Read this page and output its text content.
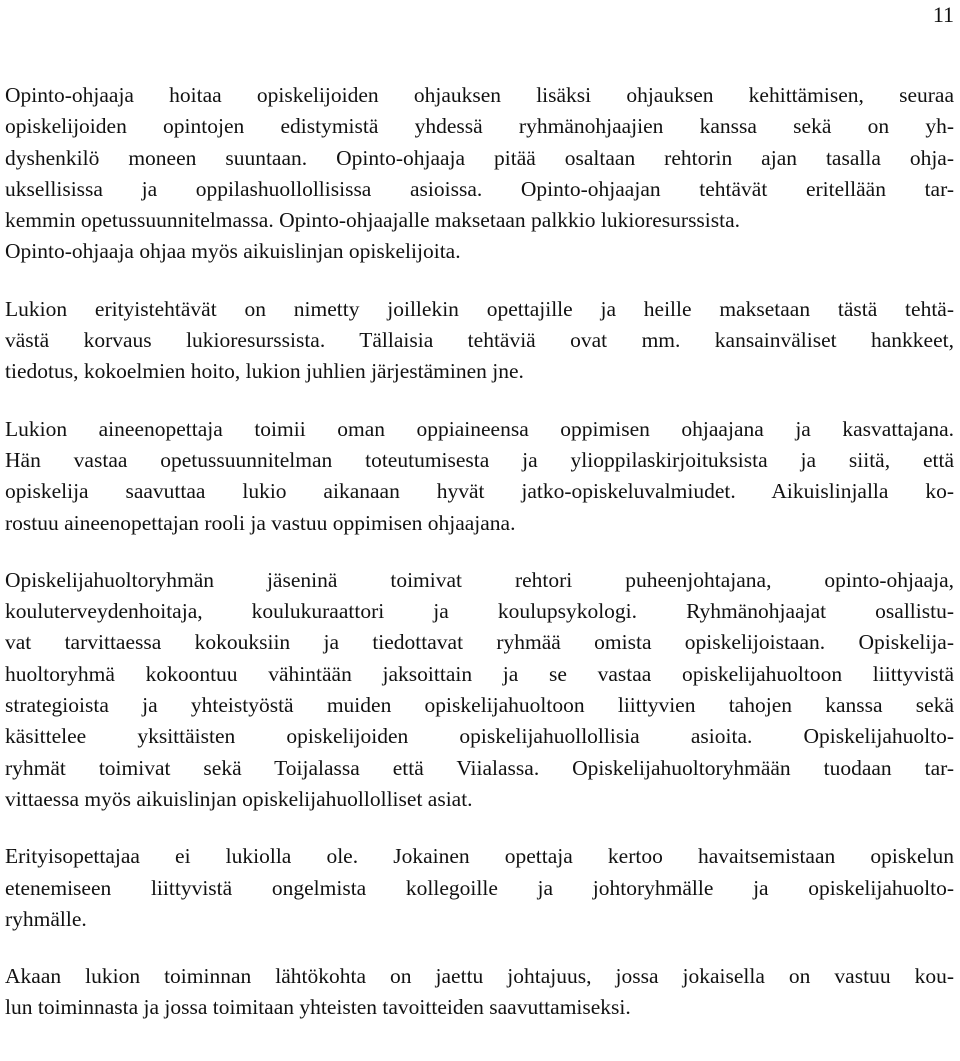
11
Opinto-ohjaaja hoitaa opiskelijoiden ohjauksen lisäksi ohjauksen kehittämisen, seuraa
opiskelijoiden opintojen edistymistä yhdessä ryhmänohjaajien kanssa sekä on yh-
dyshenkilö moneen suuntaan. Opinto-ohjaaja pitää osaltaan rehtorin ajan tasalla ohja-
uksellisissa ja oppilashuollollisissa asioissa. Opinto-ohjaajan tehtävät eritellään tar-
kemmin opetussuunnitelmassa. Opinto-ohjaajalle maksetaan palkkio lukioresurssista.
Opinto-ohjaaja ohjaa myös aikuislinjan opiskelijoita.
Lukion erityistehtävät on nimetty joillekin opettajille ja heille maksetaan tästä tehtä-
västä korvaus lukioresurssista. Tällaisia tehtäviä ovat mm. kansainväliset hankkeet,
tiedotus, kokoelmien hoito, lukion juhlien järjestäminen jne.
Lukion aineenopettaja toimii oman oppiaineensa oppimisen ohjaajana ja kasvattajana.
Hän vastaa opetussuunnitelman toteutumisesta ja ylioppilaskirjoituksista ja siitä, että
opiskelija saavuttaa lukio aikanaan hyvät jatko-opiskeluvalmiudet. Aikuislinjalla ko-
rostuu aineenopettajan rooli ja vastuu oppimisen ohjaajana.
Opiskelijahuoltoryhmän jäseninä toimivat rehtori puheenjohtajana, opinto-ohjaaja,
kouluterveydenhoitaja, koulukuraattori ja koulupsykologi. Ryhmänohjaajat osallistu-
vat tarvittaessa kokouksiin ja tiedottavat ryhmää omista opiskelijoistaan. Opiskelija-
huoltoryhmä kokoontuu vähintään jaksoittain ja se vastaa opiskelijahuoltoon liittyvistä
strategioista ja yhteistyöstä muiden opiskelijahuoltoon liittyvien tahojen kanssa sekä
käsittelee yksittäisten opiskelijoiden opiskelijahuollollisia asioita. Opiskelijahuolto-
ryhmät toimivat sekä Toijalassa että Viialassa. Opiskelijahuoltoryhmään tuodaan tar-
vittaessa myös aikuislinjan opiskelijahuollolliset asiat.
Erityisopettajaa ei lukiolla ole. Jokainen opettaja kertoo havaitsemistaan opiskelun
etenemiseen liittyvistä ongelmista kollegoille ja johtoryhmälle ja opiskelijahuolto-
ryhmälle.
Akaan lukion toiminnan lähtökohta on jaettu johtajuus, jossa jokaisella on vastuu kou-
lun toiminnasta ja jossa toimitaan yhteisten tavoitteiden saavuttamiseksi.
